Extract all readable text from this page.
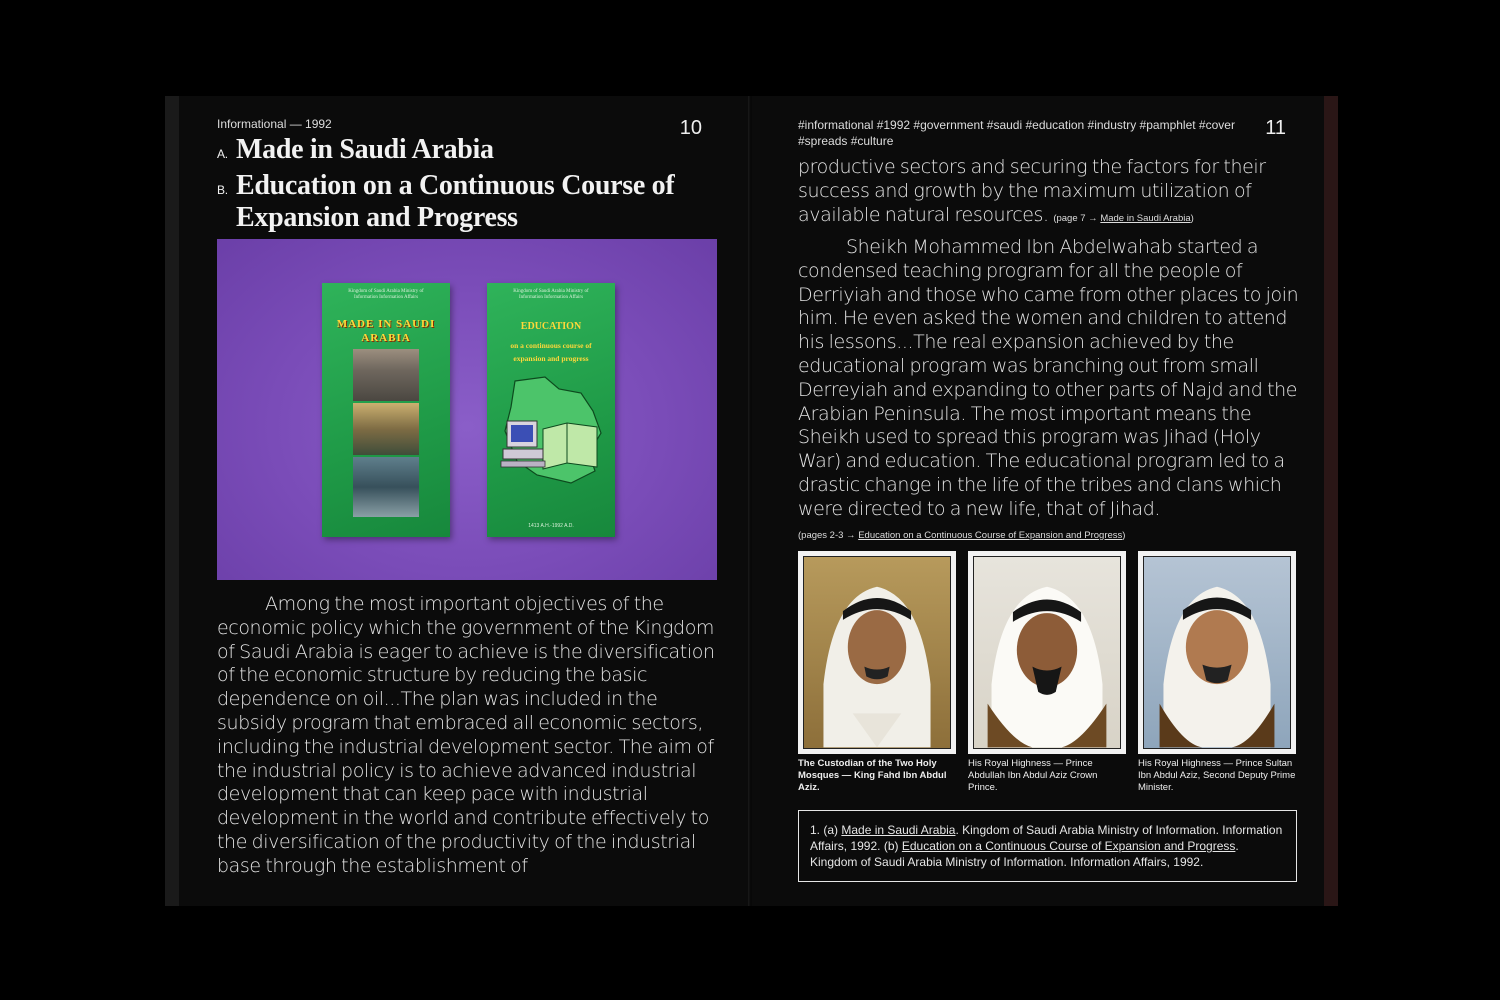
Informational — 1992	10
A. Made in Saudi Arabia
B. Education on a Continuous Course of Expansion and Progress
Kingdom of Saudi Arabia Ministry of Information Information Affairs
MADE IN SAUDI ARABIA
Kingdom of Saudi Arabia Ministry of Information Information Affairs
EDUCATION
on a continuous course of expansion and progress
1413 A.H.-1992 A.D.
Among the most important objectives of the economic policy which the government of the Kingdom of Saudi Arabia is eager to achieve is the diversification of the economic structure by reducing the basic dependence on oil...The plan was included in the subsidy program that embraced all economic sectors, including the industrial development sector. The aim of the industrial policy is to achieve advanced industrial development that can keep pace with industrial development in the world and contribute effectively to the diversification of the productivity of the industrial base through the establishment of
#informational #1992 #government #saudi #education #industry #pamphlet #cover #spreads #culture
11
productive sectors and securing the factors for their success and growth by the maximum utilization of available natural resources. (page 7 → Made in Saudi Arabia)
Sheikh Mohammed Ibn Abdelwahab started a condensed teaching program for all the people of Derriyiah and those who came from other places to join him. He even asked the women and children to attend his lessons...The real expansion achieved by the educational program was branching out from small Derreyiah and expanding to other parts of Najd and the Arabian Peninsula. The most important means the Sheikh used to spread this program was Jihad (Holy War) and education. The educational program led to a drastic change in the life of the tribes and clans which were directed to a new life, that of Jihad.
(pages 2-3 → Education on a Continuous Course of Expansion and Progress)
The Custodian of the Two Holy Mosques — King Fahd Ibn Abdul Aziz.
His Royal Highness — Prince Abdullah Ibn Abdul Aziz Crown Prince.
His Royal Highness — Prince Sultan Ibn Abdul Aziz, Second Deputy Prime Minister.
1. (a) Made in Saudi Arabia. Kingdom of Saudi Arabia Ministry of Information. Information Affairs, 1992. (b) Education on a Continuous Course of Expansion and Progress. Kingdom of Saudi Arabia Ministry of Information. Information Affairs, 1992.
